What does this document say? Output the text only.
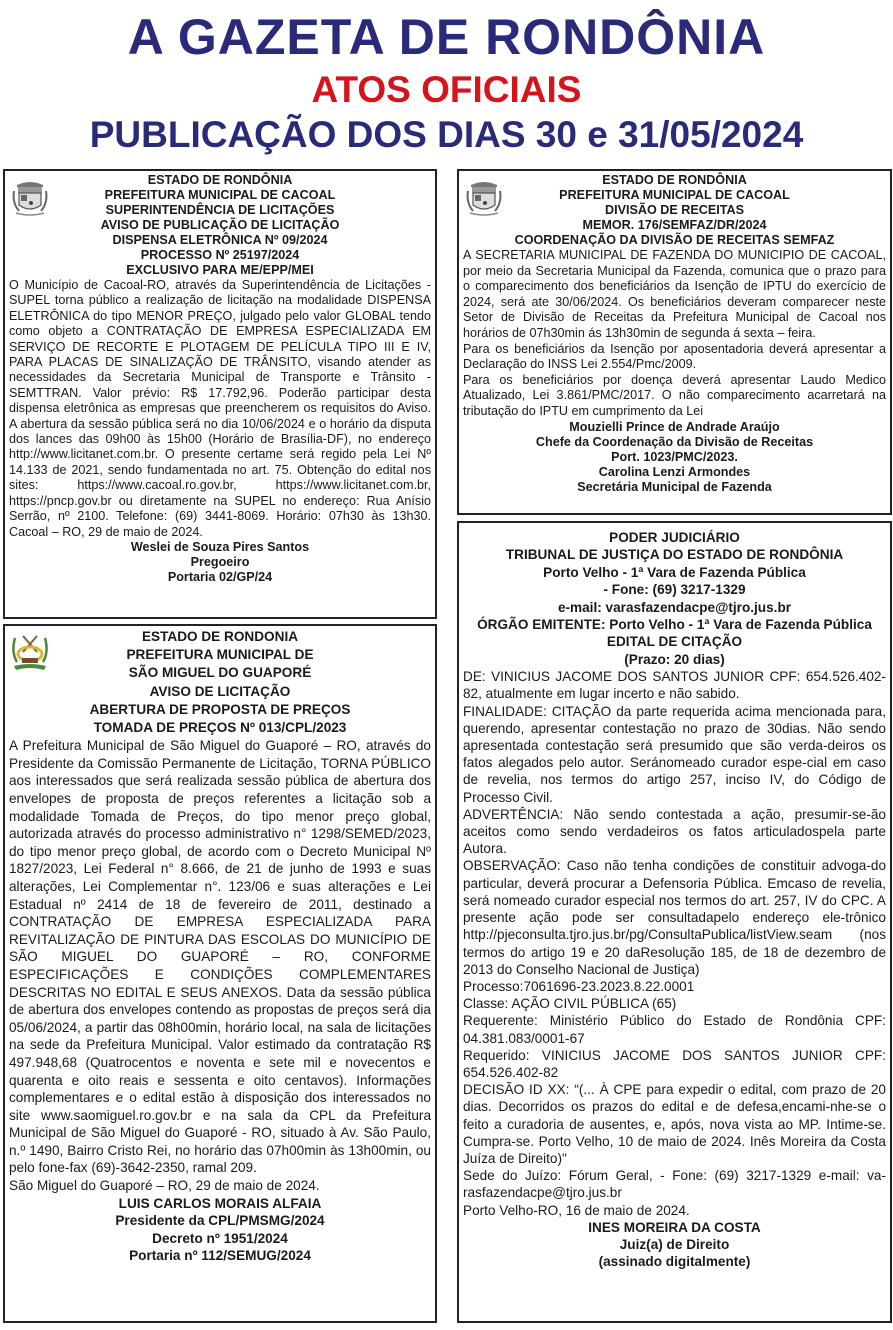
A GAZETA DE RONDÔNIA
ATOS OFICIAIS
PUBLICAÇÃO DOS DIAS 30 e 31/05/2024
ESTADO DE RONDÔNIA
PREFEITURA MUNICIPAL DE CACOAL
SUPERINTENDÊNCIA DE LICITAÇÕES
AVISO DE PUBLICAÇÃO DE LICITAÇÃO
DISPENSA ELETRÔNICA Nº 09/2024
PROCESSO Nº 25197/2024
EXCLUSIVO PARA ME/EPP/MEI

O Município de Cacoal-RO, através da Superintendência de Licitações - SUPEL torna público a realização de licitação na modalidade DISPENSA ELETRÔNICA do tipo MENOR PREÇO, julgado pelo valor GLOBAL tendo como objeto a CONTRATAÇÃO DE EMPRESA ESPECIALIZADA EM SERVIÇO DE RECORTE E PLOTAGEM DE PELÍCULA TIPO III E IV, PARA PLACAS DE SINALIZAÇÃO DE TRÂNSITO, visando atender as necessidades da Secretaria Municipal de Transporte e Trânsito - SEMTTRAN. Valor prévio: R$ 17.792,96. Poderão participar desta dispensa eletrônica as empresas que preencherem os requisitos do Aviso. A abertura da sessão pública será no dia 10/06/2024 e o horário da disputa dos lances das 09h00 às 15h00 (Horário de Brasília-DF), no endereço http://www.licitanet.com.br. O presente certame será regido pela Lei Nº 14.133 de 2021, sendo fundamentada no art. 75. Obtenção do edital nos sites: https://www.cacoal.ro.gov.br, https://www.licitanet.com.br, https://pncp.gov.br ou diretamente na SUPEL no endereço: Rua Anísio Serrão, nº 2100. Telefone: (69) 3441-8069. Horário: 07h30 às 13h30. Cacoal – RO, 29 de maio de 2024.

Weslei de Souza Pires Santos
Pregoeiro
Portaria 02/GP/24
ESTADO DE RONDÔNIA
PREFEITURA MUNICIPAL DE CACOAL
DIVISÃO DE RECEITAS
MEMOR. 176/SEMFAZ/DR/2024
COORDENAÇÃO DA DIVISÃO DE RECEITAS SEMFAZ

A SECRETARIA MUNICIPAL DE FAZENDA DO MUNICIPIO DE CACOAL, por meio da Secretaria Municipal da Fazenda, comunica que o prazo para o comparecimento dos beneficiários da Isenção de IPTU do exercício de 2024, será ate 30/06/2024. Os beneficiários deveram comparecer neste Setor de Divisão de Receitas da Prefeitura Municipal de Cacoal nos horários de 07h30min ás 13h30min de segunda á sexta – feira.

Para os beneficiários da Isenção por aposentadoria deverá apresentar a Declaração do INSS Lei 2.554/Pmc/2009.

Para os beneficiários por doença deverá apresentar Laudo Medico Atualizado, Lei 3.861/PMC/2017. O não comparecimento acarretará na tributação do IPTU em cumprimento da Lei

Mouzielli Prince de Andrade Araújo
Chefe da Coordenação da Divisão de Receitas
Port. 1023/PMC/2023.
Carolina Lenzi Armondes
Secretária Municipal de Fazenda
ESTADO DE RONDONIA
PREFEITURA MUNICIPAL DE
SÃO MIGUEL DO GUAPORÉ
AVISO DE LICITAÇÃO
ABERTURA DE PROPOSTA DE PREÇOS
TOMADA DE PREÇOS Nº 013/CPL/2023

A Prefeitura Municipal de São Miguel do Guaporé – RO, através do Presidente da Comissão Permanente de Licitação, TORNA PÚBLICO aos interessados que será realizada sessão pública de abertura dos envelopes de proposta de preços referentes a licitação sob a modalidade Tomada de Preços, do tipo menor preço global, autorizada através do processo administrativo n° 1298/SEMED/2023, do tipo menor preço global, de acordo com o Decreto Municipal Nº 1827/2023, Lei Federal n° 8.666, de 21 de junho de 1993 e suas alterações, Lei Complementar n°. 123/06 e suas alterações e Lei Estadual nº 2414 de 18 de fevereiro de 2011, destinado a CONTRATAÇÃO DE EMPRESA ESPECIALIZADA PARA REVITALIZAÇÃO DE PINTURA DAS ESCOLAS DO MUNICÍPIO DE SÃO MIGUEL DO GUAPORÉ – RO, CONFORME ESPECIFICAÇÕES E CONDIÇÕES COMPLEMENTARES DESCRITAS NO EDITAL E SEUS ANEXOS. Data da sessão pública de abertura dos envelopes contendo as propostas de preços será dia 05/06/2024, a partir das 08h00min, horário local, na sala de licitações na sede da Prefeitura Municipal. Valor estimado da contratação R$ 497.948,68 (Quatrocentos e noventa e sete mil e novecentos e quarenta e oito reais e sessenta e oito centavos). Informações complementares e o edital estão à disposição dos interessados no site www.saomiguel.ro.gov.br e na sala da CPL da Prefeitura Municipal de São Miguel do Guaporé - RO, situado à Av. São Paulo, n.º 1490, Bairro Cristo Rei, no horário das 07h00min às 13h00min, ou pelo fone-fax (69)-3642-2350, ramal 209.

São Miguel do Guaporé – RO, 29 de maio de 2024.

LUIS CARLOS MORAIS ALFAIA
Presidente da CPL/PMSMG/2024
Decreto nº 1951/2024
Portaria nº 112/SEMUG/2024
PODER JUDICIÁRIO
TRIBUNAL DE JUSTIÇA DO ESTADO DE RONDÔNIA
Porto Velho - 1ª Vara de Fazenda Pública
- Fone: (69) 3217-1329
e-mail: varasfazendacpe@tjro.jus.br
ÓRGÃO EMITENTE: Porto Velho - 1ª Vara de Fazenda Pública
EDITAL DE CITAÇÃO
(Prazo: 20 dias)

DE: VINICIUS JACOME DOS SANTOS JUNIOR CPF: 654.526.402-82, atualmente em lugar incerto e não sabido.

FINALIDADE: CITAÇÃO da parte requerida acima mencionada para, querendo, apresentar contestação no prazo de 30dias. Não sendo apresentada contestação será presumido que são verda-deiros os fatos alegados pelo autor. Seránomeado curador espe-cial em caso de revelia, nos termos do artigo 257, inciso IV, do Código de Processo Civil.

ADVERTÊNCIA: Não sendo contestada a ação, presumir-se-ão aceitos como sendo verdadeiros os fatos articuladospela parte Autora.

OBSERVAÇÃO: Caso não tenha condições de constituir advoga-do particular, deverá procurar a Defensoria Pública. Emcaso de revelia, será nomeado curador especial nos termos do art. 257, IV do CPC. A presente ação pode ser consultadapelo endereço ele-trônico http://pjeconsulta.tjro.jus.br/pg/ConsultaPublica/listView.seam (nos termos do artigo 19 e 20 daResolução 185, de 18 de dezembro de 2013 do Conselho Nacional de Justiça)

Processo:7061696-23.2023.8.22.0001

Classe: AÇÃO CIVIL PÚBLICA (65)

Requerente: Ministério Público do Estado de Rondônia CPF: 04.381.083/0001-67

Requerido: VINICIUS JACOME DOS SANTOS JUNIOR CPF: 654.526.402-82

DECISÃO ID XX: “(... À CPE para expedir o edital, com prazo de 20 dias. Decorridos os prazos do edital e de defesa,encami-nhe-se o feito a curadoria de ausentes, e, após, nova vista ao MP. Intime-se. Cumpra-se. Porto Velho, 10 de maio de 2024. Inês Moreira da Costa Juíza de Direito)"

Sede do Juízo: Fórum Geral, - Fone: (69) 3217-1329 e-mail: va-rasfazendacpe@tjro.jus.br

Porto Velho-RO, 16 de maio de 2024.

INES MOREIRA DA COSTA
Juiz(a) de Direito
(assinado digitalmente)
